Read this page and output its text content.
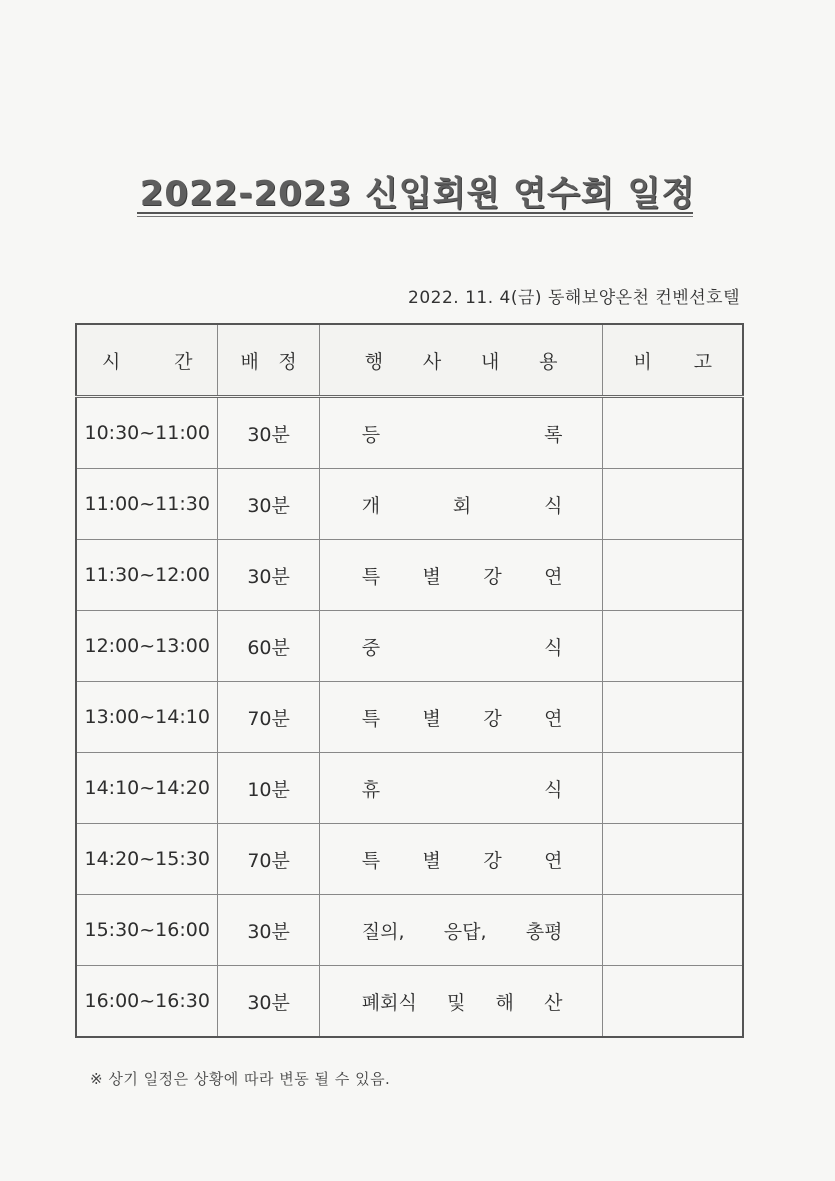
2022-2023 신입회원 연수회 일정
2022. 11. 4(금) 동해보양온천 컨벤션호텔
시 간	배 정	행 사 내 용	비 고

10:30~11:00	30분	등 록	

11:00~11:30	30분	개 회 식	

11:30~12:00	30분	특 별 강 연	

12:00~13:00	60분	중 식	

13:00~14:10	70분	특 별 강 연	

14:10~14:20	10분	휴 식	

14:20~15:30	70분	특 별 강 연	

15:30~16:00	30분	질의, 응답, 총평	

16:00~16:30	30분	폐회식 및 해 산	

※ 상기 일정은 상황에 따라 변동 될 수 있음.
